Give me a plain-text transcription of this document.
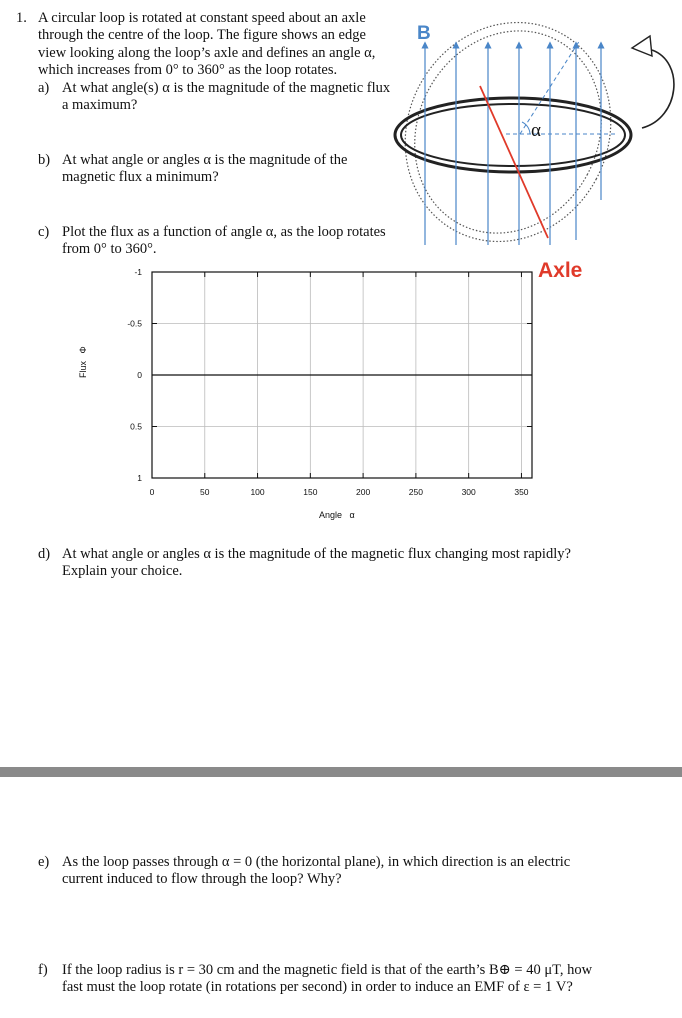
1. A circular loop is rotated at constant speed about an axle
through the centre of the loop. The figure shows an edge
view looking along the loop’s axle and defines an angle α,
which increases from 0° to 360° as the loop rotates.
a) At what angle(s) α is the magnitude of the magnetic flux
a maximum?
b) At what angle or angles α is the magnitude of the
magnetic flux a minimum?
c) Plot the flux as a function of angle α, as the loop rotates
from 0° to 360°.
B
α
Axle
0	50	100	150	200	250	300	350
-1
-0.5
0
0.5
1
Angle α
Flux   Φ
d) At what angle or angles α is the magnitude of the magnetic flux changing most rapidly?
Explain your choice.
e) As the loop passes through α = 0 (the horizontal plane), in which direction is an electric
current induced to flow through the loop? Why?
f) If the loop radius is r = 30 cm and the magnetic field is that of the earth’s B⊕ = 40 μT, how
fast must the loop rotate (in rotations per second) in order to induce an EMF of ε = 1 V?
